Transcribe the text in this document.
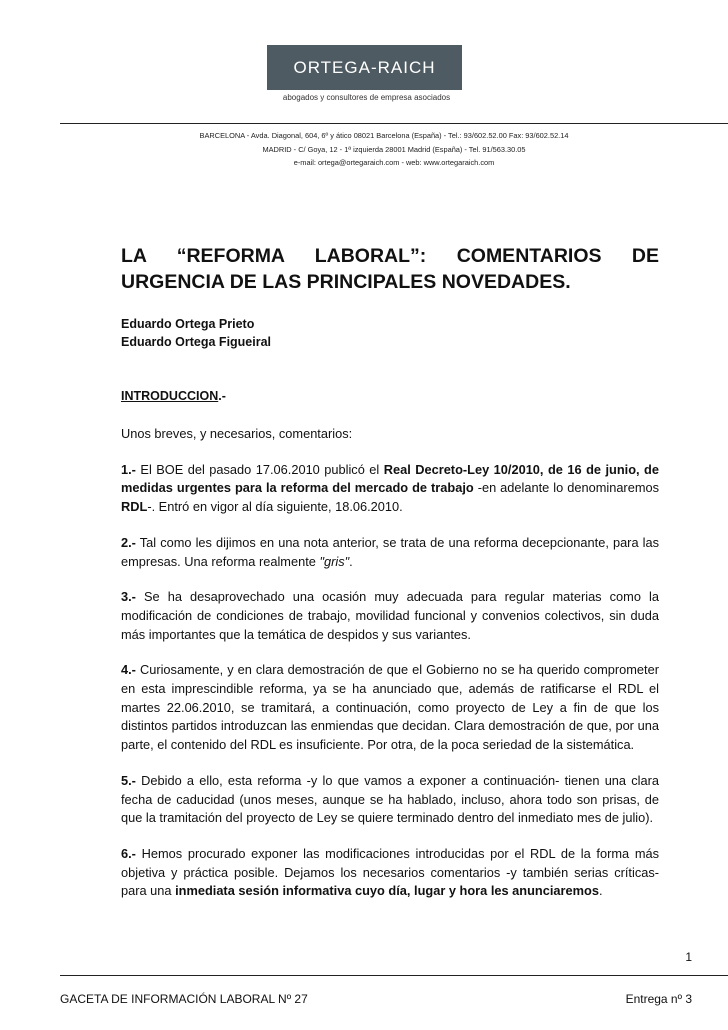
ORTEGA-RAICH
abogados y consultores de empresa asociados
BARCELONA - Avda. Diagonal, 604, 6º y ático 08021 Barcelona (España) - Tel.: 93/602.52.00 Fax: 93/602.52.14
MADRID - C/ Goya, 12 - 1ª izquierda 28001 Madrid (España) - Tel. 91/563.30.05
e-mail: ortega@ortegaraich.com - web: www.ortegaraich.com
LA “REFORMA LABORAL”: COMENTARIOS DE URGENCIA DE LAS PRINCIPALES NOVEDADES.
Eduardo Ortega Prieto
Eduardo Ortega Figueiral
INTRODUCCION.-
Unos breves, y necesarios, comentarios:
1.- El BOE del pasado 17.06.2010 publicó el Real Decreto-Ley 10/2010, de 16 de junio, de medidas urgentes para la reforma del mercado de trabajo -en adelante lo denominaremos RDL-. Entró en vigor al día siguiente, 18.06.2010.
2.- Tal como les dijimos en una nota anterior, se trata de una reforma decepcionante, para las empresas. Una reforma realmente "gris".
3.- Se ha desaprovechado una ocasión muy adecuada para regular materias como la modificación de condiciones de trabajo, movilidad funcional y convenios colectivos, sin duda más importantes que la temática de despidos y sus variantes.
4.- Curiosamente, y en clara demostración de que el Gobierno no se ha querido comprometer en esta imprescindible reforma, ya se ha anunciado que, además de ratificarse el RDL el martes 22.06.2010, se tramitará, a continuación, como proyecto de Ley a fin de que los distintos partidos introduzcan las enmiendas que decidan. Clara demostración de que, por una parte, el contenido del RDL es insuficiente. Por otra, de la poca seriedad de la sistemática.
5.- Debido a ello, esta reforma -y lo que vamos a exponer a continuación- tienen una clara fecha de caducidad (unos meses, aunque se ha hablado, incluso, ahora todo son prisas, de que la tramitación del proyecto de Ley se quiere terminado dentro del inmediato mes de julio).
6.- Hemos procurado exponer las modificaciones introducidas por el RDL de la forma más objetiva y práctica posible. Dejamos los necesarios comentarios -y también serias críticas- para una inmediata sesión informativa cuyo día, lugar y hora les anunciaremos.
1
GACETA DE INFORMACIÓN LABORAL Nº 27	Entrega nº 3
